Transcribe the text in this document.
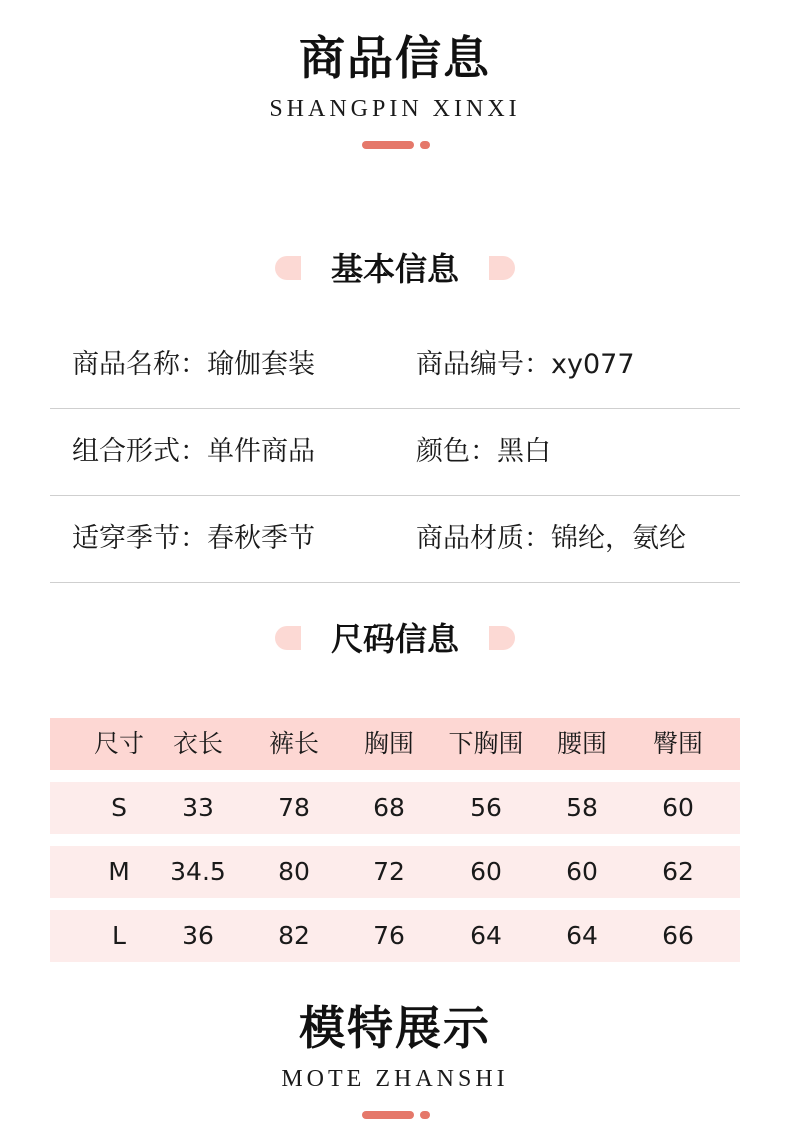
商品信息
SHANGPIN XINXI
基本信息
商品名称：瑜伽套装	商品编号：xy077
组合形式：单件商品	颜色：黑白
适穿季节：春秋季节	商品材质：锦纶，氨纶
尺码信息
尺寸	衣长	裤长	胸围	下胸围	腰围	臀围
S	33	78	68	56	58	60
M	34.5	80	72	60	60	62
L	36	82	76	64	64	66
模特展示
MOTE ZHANSHI
